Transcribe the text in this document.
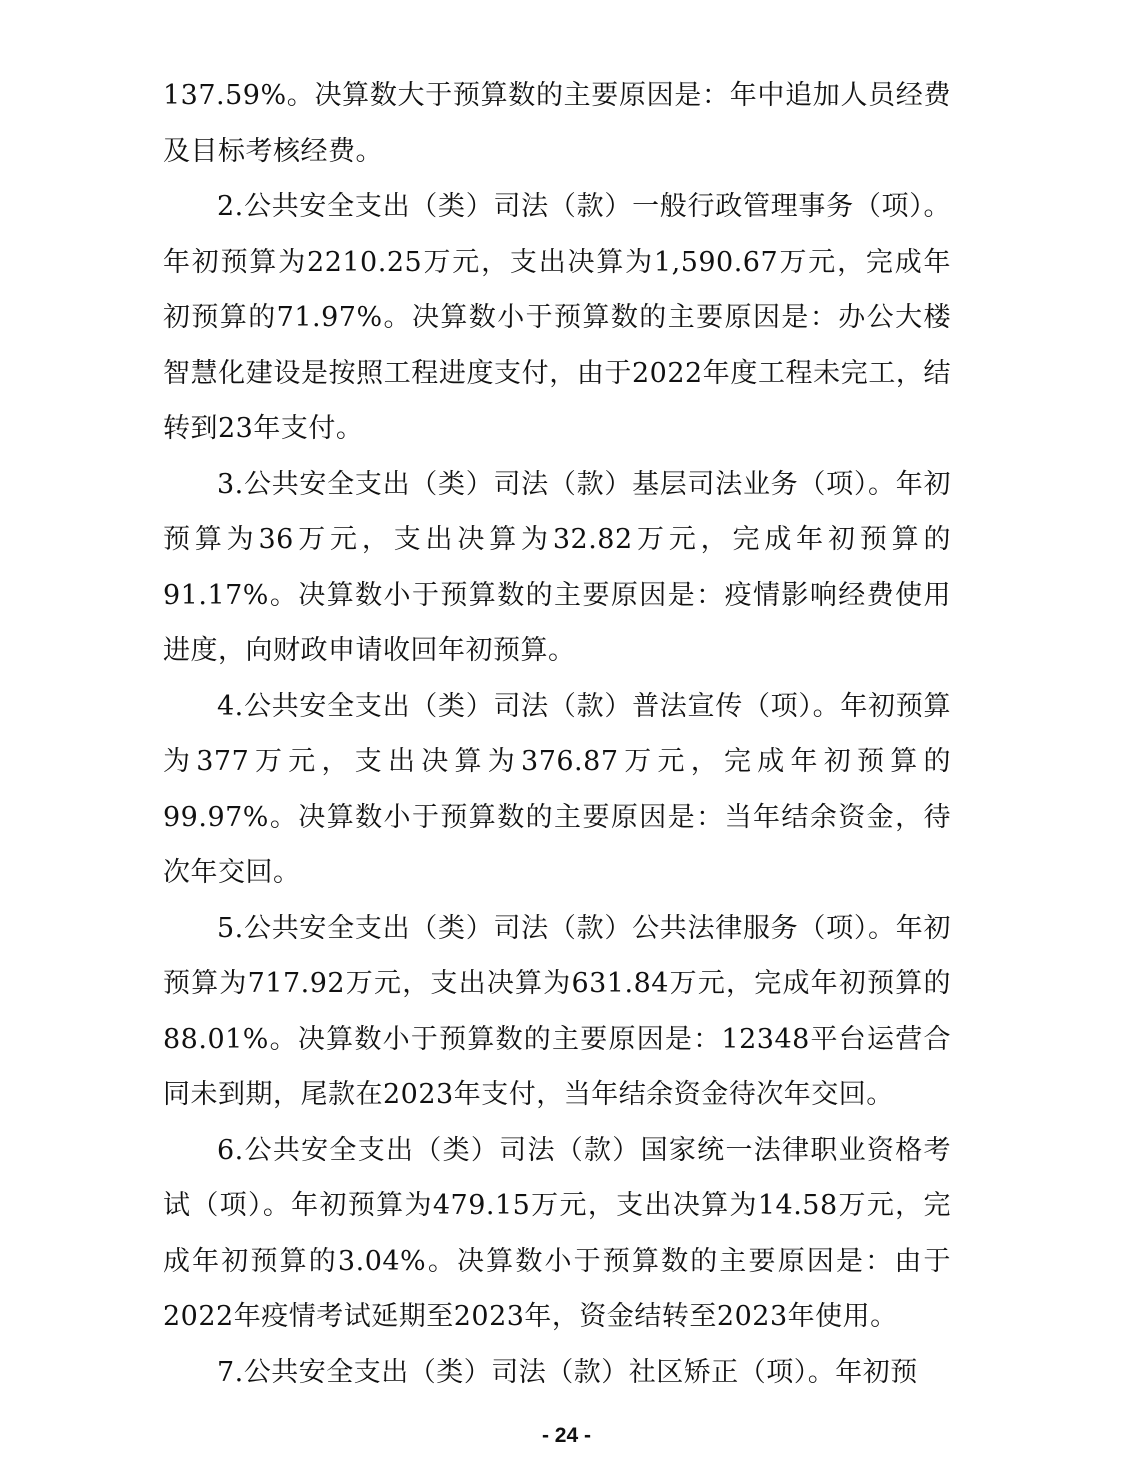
137.59%。决算数大于预算数的主要原因是：年中追加人员经费及目标考核经费。

2.公共安全支出（类）司法（款）一般行政管理事务（项）。年初预算为2210.25万元，支出决算为1,590.67万元，完成年初预算的71.97%。决算数小于预算数的主要原因是：办公大楼智慧化建设是按照工程进度支付，由于2022年度工程未完工，结转到23年支付。

3.公共安全支出（类）司法（款）基层司法业务（项）。年初预算为36万元，支出决算为32.82万元，完成年初预算的91.17%。决算数小于预算数的主要原因是：疫情影响经费使用进度，向财政申请收回年初预算。

4.公共安全支出（类）司法（款）普法宣传（项）。年初预算为377万元，支出决算为376.87万元，完成年初预算的99.97%。决算数小于预算数的主要原因是：当年结余资金，待次年交回。

5.公共安全支出（类）司法（款）公共法律服务（项）。年初预算为717.92万元，支出决算为631.84万元，完成年初预算的88.01%。决算数小于预算数的主要原因是：12348平台运营合同未到期，尾款在2023年支付，当年结余资金待次年交回。

6.公共安全支出（类）司法（款）国家统一法律职业资格考试（项）。年初预算为479.15万元，支出决算为14.58万元，完成年初预算的3.04%。决算数小于预算数的主要原因是：由于2022年疫情考试延期至2023年，资金结转至2023年使用。

7.公共安全支出（类）司法（款）社区矫正（项）。年初预

- 24 -
